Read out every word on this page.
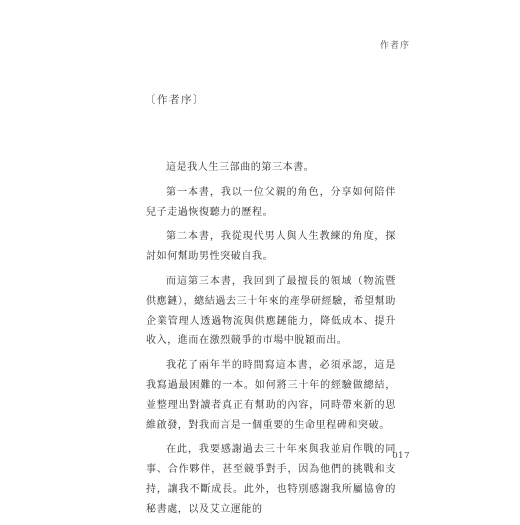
作者序
〔作者序〕

這是我人生三部曲的第三本書。

第一本書，我以一位父親的角色，分享如何陪伴兒子走過恢復聽力的歷程。

第二本書，我從現代男人與人生教練的角度，探討如何幫助男性突破自我。

而這第三本書，我回到了最擅長的領域（物流暨供應鏈），總結過去三十年來的產學研經驗，希望幫助企業管理人透過物流與供應鏈能力，降低成本、提升收入，進而在激烈競爭的市場中脫穎而出。

我花了兩年半的時間寫這本書，必須承認，這是我寫過最困難的一本。如何將三十年的經驗做總結，並整理出對讀者真正有幫助的內容，同時帶來新的思維啟發，對我而言是一個重要的生命里程碑和突破。

在此，我要感謝過去三十年來與我並肩作戰的同事、合作夥伴，甚至競爭對手，因為他們的挑戰和支持，讓我不斷成長。此外，也特別感謝我所屬協會的秘書處，以及艾立運能的

017
